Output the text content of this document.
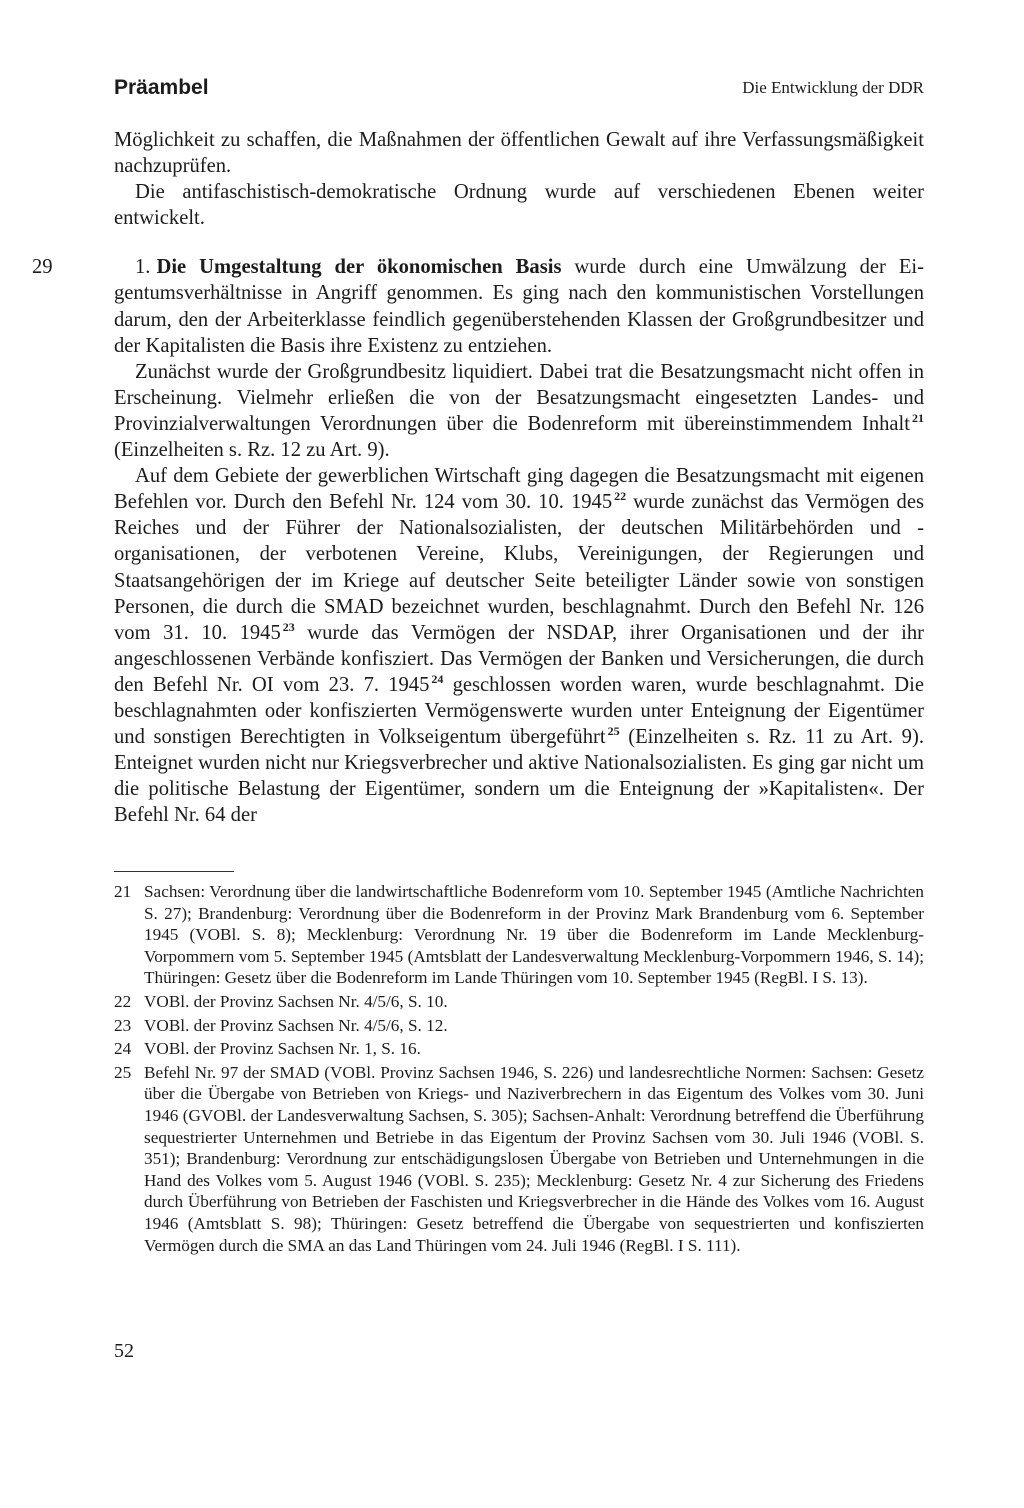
Präambel	Die Entwicklung der DDR

Möglichkeit zu schaffen, die Maßnahmen der öffentlichen Gewalt auf ihre Verfassungsmäßigkeit nachzuprüfen.

Die antifaschistisch-demokratische Ordnung wurde auf verschiedenen Ebenen weiter entwickelt.

29	1. Die Umgestaltung der ökonomischen Basis wurde durch eine Umwälzung der Eigentumsverhältnisse in Angriff genommen. Es ging nach den kommunistischen Vorstellungen darum, den der Arbeiterklasse feindlich gegenüberstehenden Klassen der Großgrundbesitzer und der Kapitalisten die Basis ihre Existenz zu entziehen.

Zunächst wurde der Großgrundbesitz liquidiert. Dabei trat die Besatzungsmacht nicht offen in Erscheinung. Vielmehr erließen die von der Besatzungsmacht eingesetzten Landes- und Provinzialverwaltungen Verordnungen über die Bodenreform mit übereinstimmendem Inhalt $^{21}$ (Einzelheiten s. Rz. 12 zu Art. 9).

Auf dem Gebiete der gewerblichen Wirtschaft ging dagegen die Besatzungsmacht mit eigenen Befehlen vor. Durch den Befehl Nr. 124 vom 30. 10. 1945 $^{22}$ wurde zunächst das Vermögen des Reiches und der Führer der Nationalsozialisten, der deutschen Militärbehörden und -organisationen, der verbotenen Vereine, Klubs, Vereinigungen, der Regierungen und Staatsangehörigen der im Kriege auf deutscher Seite beteiligter Länder sowie von sonstigen Personen, die durch die SMAD bezeichnet wurden, beschlagnahmt. Durch den Befehl Nr. 126 vom 31. 10. 1945 $^{23}$ wurde das Vermögen der NSDAP, ihrer Organisationen und der ihr angeschlossenen Verbände konfisziert. Das Vermögen der Banken und Versicherungen, die durch den Befehl Nr. OI vom 23. 7. 1945 $^{24}$ geschlossen worden waren, wurde beschlagnahmt. Die beschlagnahmten oder konfiszierten Vermögenswerte wurden unter Enteignung der Eigentümer und sonstigen Berechtigten in Volkseigentum übergeführt $^{25}$ (Einzelheiten s. Rz. 11 zu Art. 9). Enteignet wurden nicht nur Kriegsverbrecher und aktive Nationalsozialisten. Es ging gar nicht um die politische Belastung der Eigentümer, sondern um die Enteignung der »Kapitalisten«. Der Befehl Nr. 64 der

21 Sachsen: Verordnung über die landwirtschaftliche Bodenreform vom 10. September 1945 (Amtliche Nachrichten S. 27); Brandenburg: Verordnung über die Bodenreform in der Provinz Mark Brandenburg vom 6. September 1945 (VOBl. S. 8); Mecklenburg: Verordnung Nr. 19 über die Bodenreform im Lande Mecklenburg-Vorpommern vom 5. September 1945 (Amtsblatt der Landesverwaltung Mecklenburg-Vorpommern 1946, S. 14); Thüringen: Gesetz über die Bodenreform im Lande Thüringen vom 10. September 1945 (RegBl. I S. 13).
22 VOBl. der Provinz Sachsen Nr. 4/5/6, S. 10.
23 VOBl. der Provinz Sachsen Nr. 4/5/6, S. 12.
24 VOBl. der Provinz Sachsen Nr. 1, S. 16.
25 Befehl Nr. 97 der SMAD (VOBl. Provinz Sachsen 1946, S. 226) und landesrechtliche Normen: Sachsen: Gesetz über die Übergabe von Betrieben von Kriegs- und Naziverbrechern in das Eigentum des Volkes vom 30. Juni 1946 (GVOBl. der Landesverwaltung Sachsen, S. 305); Sachsen-Anhalt: Verordnung betreffend die Überführung sequestrierter Unternehmen und Betriebe in das Eigentum der Provinz Sachsen vom 30. Juli 1946 (VOBl. S. 351); Brandenburg: Verordnung zur entschädigungslosen Übergabe von Betrieben und Unternehmungen in die Hand des Volkes vom 5. August 1946 (VOBl. S. 235); Mecklenburg: Gesetz Nr. 4 zur Sicherung des Friedens durch Überführung von Betrieben der Faschisten und Kriegsverbrecher in die Hände des Volkes vom 16. August 1946 (Amtsblatt S. 98); Thüringen: Gesetz betreffend die Übergabe von sequestrierten und konfiszierten Vermögen durch die SMA an das Land Thüringen vom 24. Juli 1946 (RegBl. I S. 111).
52
